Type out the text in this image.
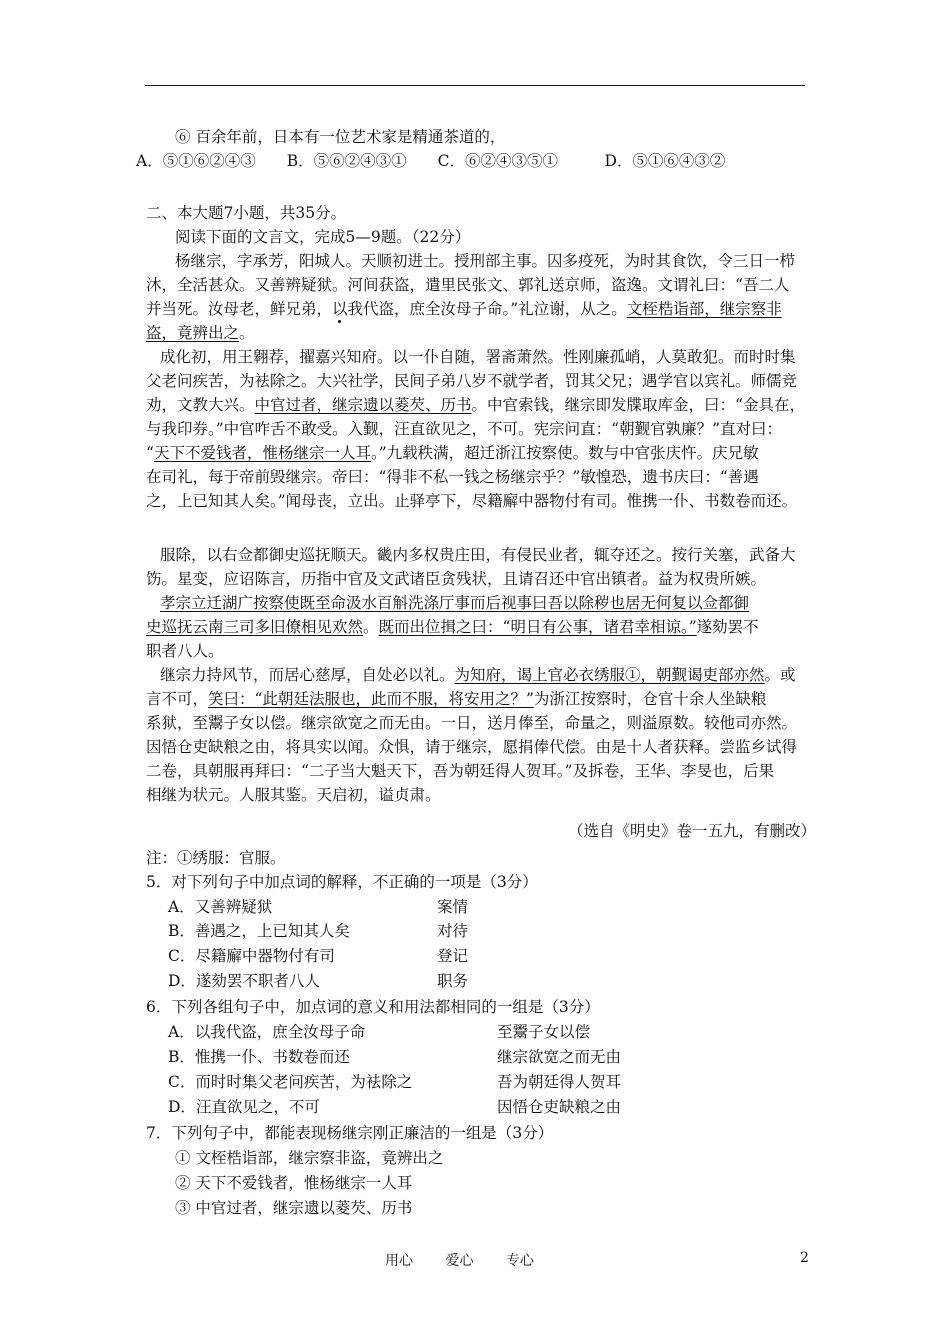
⑥ 百余年前，日本有一位艺术家是精通茶道的，
A．⑤①⑥②④③　　B．⑤⑥②④③①　　C．⑥②④③⑤①　　　D．⑤①⑥④③②
二、本大题7小题，共35分。
阅读下面的文言文，完成5—9题。（22分）
杨继宗，字承芳，阳城人。天顺初进士。授刑部主事。囚多疫死，为时其食饮，令三日一栉
沐，全活甚众。又善辨疑狱。河间获盗，遣里民张文、郭礼送京师，盗逸。文谓礼曰：“吾二人
并当死。汝母老，鲜兄弟，以我代盗，庶全汝母子命。”礼泣谢，从之。文桎梏诣部，继宗察非
盗，竟辨出之。
成化初，用王翱荐，擢嘉兴知府。以一仆自随，署斋萧然。性刚廉孤峭，人莫敢犯。而时时集
父老问疾苦，为袪除之。大兴社学，民间子弟八岁不就学者，罚其父兄；遇学官以宾礼。师儒竞
劝，文教大兴。中官过者，继宗遗以菱芡、历书。中官索钱，继宗即发牒取库金，曰：“金具在，
与我印券。”中官咋舌不敢受。入觐，汪直欲见之，不可。宪宗问直：“朝觐官孰廉？”直对曰：
“天下不爱钱者，惟杨继宗一人耳。”九载秩满，超迁浙江按察使。数与中官张庆忤。庆兄敏
在司礼，每于帝前毁继宗。帝曰：“得非不私一钱之杨继宗乎？”敏惶恐，遗书庆曰：“善遇
之，上已知其人矣。”闻母丧，立出。止驿亭下，尽籍廨中器物付有司。惟携一仆、书数卷而还。
服除，以右佥都御史巡抚顺天。畿内多权贵庄田，有侵民业者，辄夺还之。按行关塞，武备大
饬。星变，应诏陈言，历指中官及文武诸臣贪残状，且请召还中官出镇者。益为权贵所嫉。
孝宗立迁湖广按察使既至命汲水百斛洗涤厅事而后视事曰吾以除秽也居无何复以佥都御
史巡抚云南三司多旧僚相见欢然。既而出位揖之曰：“明日有公事，诸君幸相谅。”遂劾罢不
职者八人。
继宗力持风节，而居心慈厚，自处必以礼。为知府，谒上官必衣绣服①，朝觐谒吏部亦然。或
言不可，笑曰：“此朝廷法服也，此而不服，将安用之？”为浙江按察时，仓官十余人坐缺粮
系狱，至鬻子女以偿。继宗欲宽之而无由。一日，送月俸至，命量之，则溢原数。较他司亦然。
因悟仓吏缺粮之由，将具实以闻。众惧，请于继宗，愿捐俸代偿。由是十人者获释。尝监乡试得
二卷，具朝服再拜曰：“二子当大魁天下，吾为朝廷得人贺耳。”及拆卷，王华、李旻也，后果
相继为状元。人服其鉴。天启初，谥贞肃。
（选自《明史》卷一五九，有删改）
注：①绣服：官服。
5．对下列句子中加点词的解释，不正确的一项是（3分）
A．又善辨疑狱	案情
B．善遇之，上已知其人矣	对待
C．尽籍廨中器物付有司	登记
D．遂劾罢不职者八人	职务
6．下列各组句子中，加点词的意义和用法都相同的一组是（3分）
A．以我代盗，庶全汝母子命	至鬻子女以偿
B．惟携一仆、书数卷而还	继宗欲宽之而无由
C．而时时集父老问疾苦，为袪除之	吾为朝廷得人贺耳
D．汪直欲见之，不可	因悟仓吏缺粮之由
7．下列句子中，都能表现杨继宗刚正廉洁的一组是（3分）
① 文桎梏诣部，继宗察非盗，竟辨出之
② 天下不爱钱者，惟杨继宗一人耳
③ 中官过者，继宗遗以菱芡、历书
用心 爱心 专心	2
